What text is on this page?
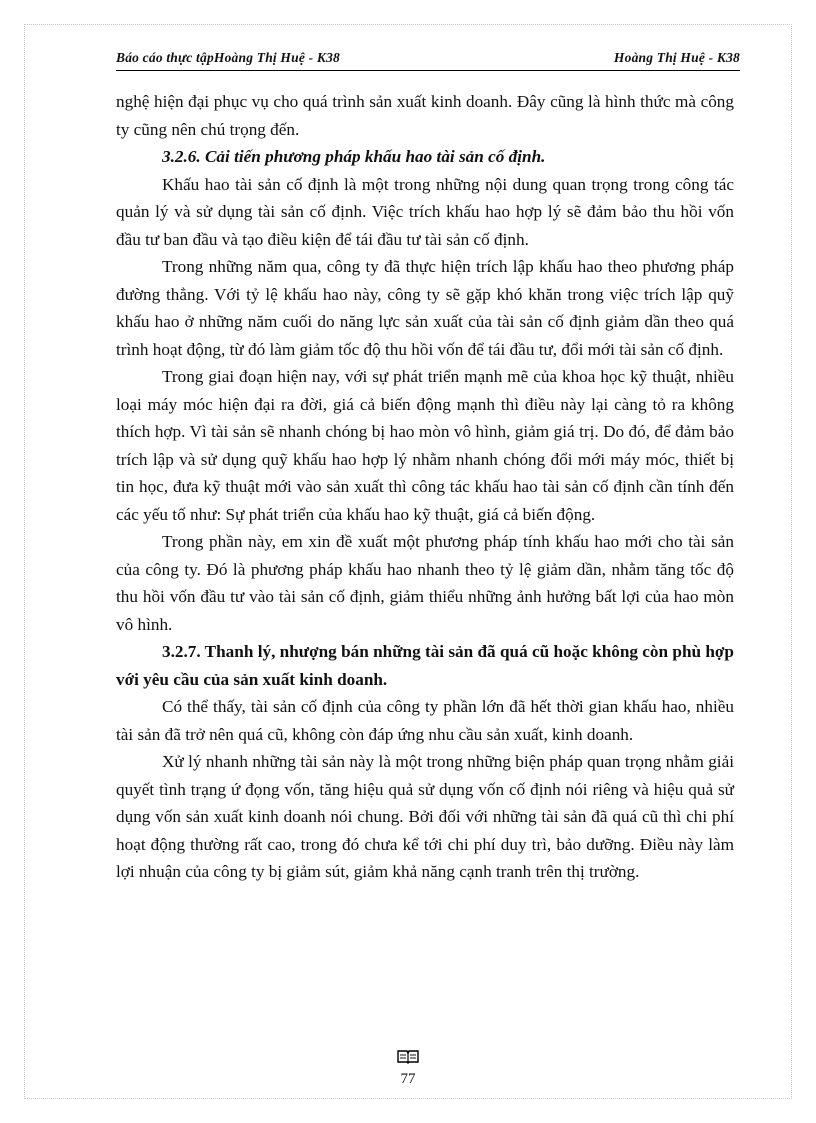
Báo cáo thực tậpHoàng Thị Huệ - K38	Hoàng Thị Huệ - K38

nghệ hiện đại phục vụ cho quá trình sản xuất kinh doanh. Đây cũng là hình thức mà công ty cũng nên chú trọng đến.

3.2.6. Cải tiến phương pháp khấu hao tài sản cố định.

Khấu hao tài sản cố định là một trong những nội dung quan trọng trong công tác quản lý và sử dụng tài sản cố định. Việc trích khấu hao hợp lý sẽ đảm bảo thu hồi vốn đầu tư ban đầu và tạo điều kiện để tái đầu tư tài sản cố định.

Trong những năm qua, công ty đã thực hiện trích lập khấu hao theo phương pháp đường thẳng. Với tỷ lệ khấu hao này, công ty sẽ gặp khó khăn trong việc trích lập quỹ khấu hao ở những năm cuối do năng lực sản xuất của tài sản cố định giảm dần theo quá trình hoạt động, từ đó làm giảm tốc độ thu hồi vốn để tái đầu tư, đổi mới tài sản cố định.

Trong giai đoạn hiện nay, với sự phát triển mạnh mẽ của khoa học kỹ thuật, nhiều loại máy móc hiện đại ra đời, giá cả biến động mạnh thì điều này lại càng tỏ ra không thích hợp. Vì tài sản sẽ nhanh chóng bị hao mòn vô hình, giảm giá trị. Do đó, để đảm bảo trích lập và sử dụng quỹ khấu hao hợp lý nhằm nhanh chóng đổi mới máy móc, thiết bị tin học, đưa kỹ thuật mới vào sản xuất thì công tác khấu hao tài sản cố định cần tính đến các yếu tố như: Sự phát triển của khấu hao kỹ thuật, giá cả biến động.

Trong phần này, em xin đề xuất một phương pháp tính khấu hao mới cho tài sản của công ty. Đó là phương pháp khấu hao nhanh theo tỷ lệ giảm dần, nhằm tăng tốc độ thu hồi vốn đầu tư vào tài sản cố định, giảm thiểu những ảnh hưởng bất lợi của hao mòn vô hình.

3.2.7. Thanh lý, nhượng bán những tài sản đã quá cũ hoặc không còn phù hợp với yêu cầu của sản xuất kinh doanh.

Có thể thấy, tài sản cố định của công ty phần lớn đã hết thời gian khấu hao, nhiều tài sản đã trở nên quá cũ, không còn đáp ứng nhu cầu sản xuất, kinh doanh.

Xử lý nhanh những tài sản này là một trong những biện pháp quan trọng nhằm giải quyết tình trạng ứ đọng vốn, tăng hiệu quả sử dụng vốn cố định nói riêng và hiệu quả sử dụng vốn sản xuất kinh doanh nói chung. Bởi đối với những tài sản đã quá cũ thì chi phí hoạt động thường rất cao, trong đó chưa kể tới chi phí duy trì, bảo dưỡng. Điều này làm lợi nhuận của công ty bị giảm sút, giảm khả năng cạnh tranh trên thị trường.

77
